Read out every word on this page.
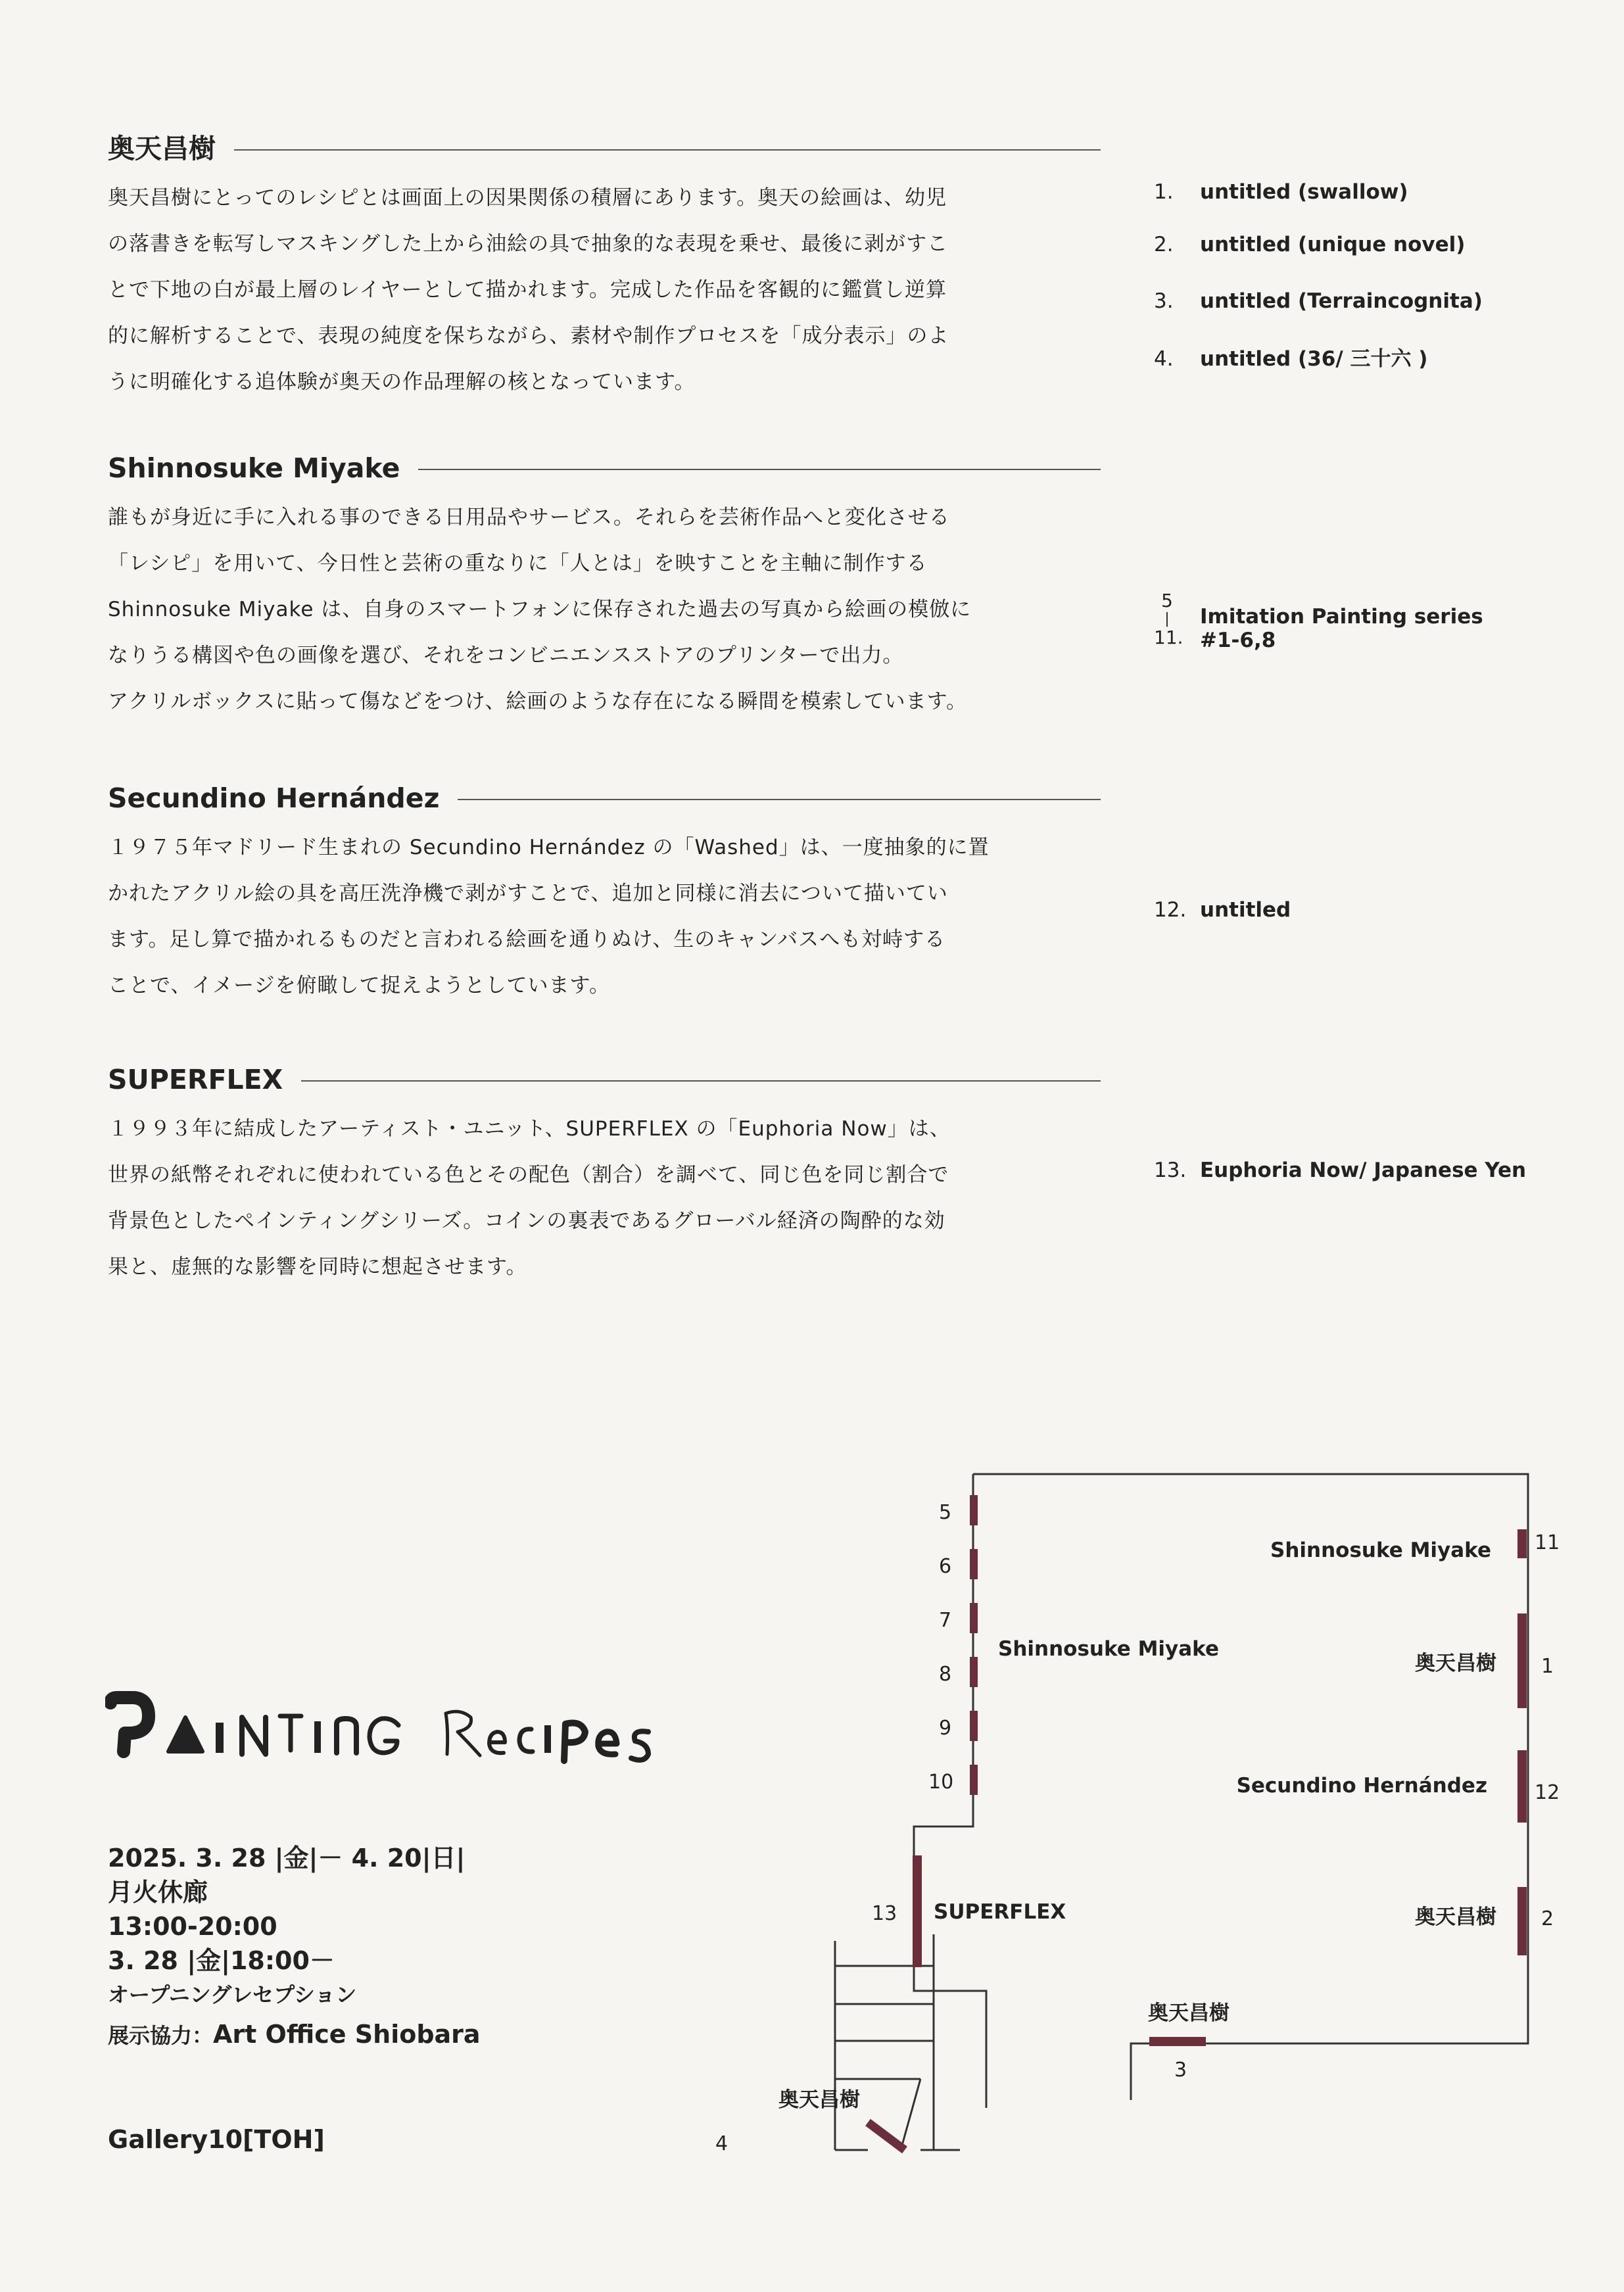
奥天昌樹

奥天昌樹にとってのレシピとは画面上の因果関係の積層にあります。奥天の絵画は、幼児

の落書きを転写しマスキングした上から油絵の具で抽象的な表現を乗せ、最後に剥がすこ

とで下地の白が最上層のレイヤーとして描かれます。完成した作品を客観的に鑑賞し逆算

的に解析することで、表現の純度を保ちながら、素材や制作プロセスを「成分表示」のよ

うに明確化する追体験が奥天の作品理解の核となっています。

Shinnosuke Miyake

誰もが身近に手に入れる事のできる日用品やサービス。それらを芸術作品へと変化させる

「レシピ」を用いて、今日性と芸術の重なりに「人とは」を映すことを主軸に制作する

Shinnosuke Miyake は、自身のスマートフォンに保存された過去の写真から絵画の模倣に

なりうる構図や色の画像を選び、それをコンビニエンスストアのプリンターで出力。

アクリルボックスに貼って傷などをつけ、絵画のような存在になる瞬間を模索しています。

Secundino Hernández

１９７５年マドリード生まれの Secundino Hernández の「Washed」は、一度抽象的に置

かれたアクリル絵の具を高圧洗浄機で剥がすことで、追加と同様に消去について描いてい

ます。足し算で描かれるものだと言われる絵画を通りぬけ、生のキャンバスへも対峙する

ことで、イメージを俯瞰して捉えようとしています。

SUPERFLEX

１９９３年に結成したアーティスト・ユニット、SUPERFLEX の「Euphoria Now」は、

世界の紙幣それぞれに使われている色とその配色（割合）を調べて、同じ色を同じ割合で

背景色としたペインティングシリーズ。コインの裏表であるグローバル経済の陶酔的な効

果と、虚無的な影響を同時に想起させます。

1. untitled (swallow)
2. untitled (unique novel)
3. untitled (Terraincognita)
4. untitled (36/ 三十六 )
5
|
11.
Imitation Painting series
#1-6,8
12. untitled
13. Euphoria Now/ Japanese Yen
2025. 3. 28 |金|－ 4. 20|日|
月火休廊
13:00-20:00
3. 28 |金|18:00－
オープニングレセプション
展示協力：Art Office Shiobara
Gallery10[TOH]
5
6
7
8
9
10
11
1
12
13	2
3
4
Shinnosuke Miyake
Shinnosuke Miyake
奥天昌樹
Secundino Hernández
SUPERFLEX	奥天昌樹
奥天昌樹
奥天昌樹
